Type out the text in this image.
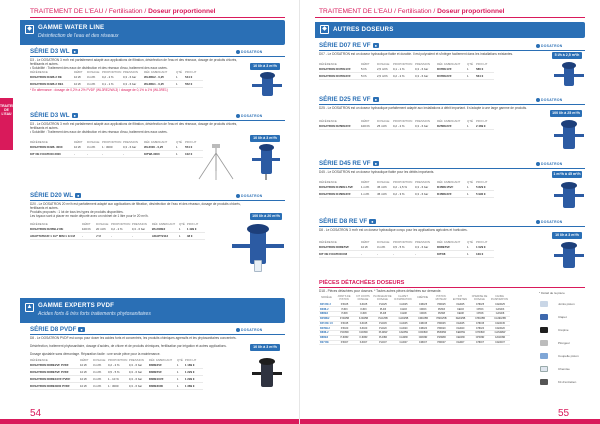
TRAITEMENT DE L'EAU / Fertilisation / Doseur proportionnel
TRAITEMENT DE L'EAU
◆ GAMME WATER LINE
Désinfection de l'eau et des réseaux
SÉRIE D3 WL ●	DOSATRON
D3 - Le DOSATRON 3 m³/h est parfaitement adapté aux applications de filtration, désinfection de l'eau et des réseaux, dosage de produits chlorés, fertilisants et autres.
• Solubilité : Traitement des eaux de distribution et des réseaux d'eau, traitement des eaux usées.	10 l/h à 3 m³/h
RÉFÉRENCE	DÉBIT	DOSAGE	PROPORTION	PRESSION	RÉF. FABRICANT	QTÉ	PRIX HT
DOSATRON D3WL2 RE	10 l/h	3 m³/h	0,2 - 2 %	0,3 - 6 bar	WL3RE2 - 0,25	1	544 €
DOSATRON D3WL2 RE1	10 l/h	3 m³/h	0,1 - 1 %	0,3 - 6 bar	WL3RE1 - 0,25	1	552 €
* En alternance : dosage de 0,2% à 2% PVDF (WL3RE2/WL3) / dosage de 0,1% à 1% (WL3RE1)
SÉRIE D3 WL ●	DOSATRON
D3 - Le DOSATRON 3 m³/h est parfaitement adapté aux applications de filtration, désinfection de l'eau et des réseaux, dosage de produits chlorés, fertilisants et autres.
• Solubilité : Traitement des eaux de distribution et des réseaux d'eau, traitement des eaux usées.
10 l/h à 3 m³/h
RÉFÉRENCE	DÉBIT	DOSAGE	PROPORTION	PRESSION	RÉF. FABRICANT	QTÉ	PRIX HT
DOSATRON D3WL 3000	10 l/h	3 m³/h	1 : 3000	0,3 - 6 bar	WL3000 - 0,25	1	554 €
KIT DE FIXATION 3000	-	-	-	-	KITWL3000	1	102 €
SÉRIE D20 WL ●	DOSATRON
D20 - Le DOSATRON 20 m³/h est parfaitement adapté aux applications de filtration, désinfection de l'eau et des réseaux, dosage de produits chlorés, fertilisants et autres.
Produits proposés : 1 lot de tous les types de produits disponibles.
Les tuyaux sont à placer en mode déporté avec un robinet de 1 litre pour le 20 m³/h.	100 l/h à 20 m³/h
RÉFÉRENCE	DÉBIT	DOSAGE	PROPORTION	PRESSION	RÉF. FABRICANT	QTÉ	PRIX HT
DOSATRON D20WL2 RE	100 l/h	20 m³/h	0,2 - 2 %	0,3 - 6 bar	WL20RE2	1	1 499 €
ADAPTATEUR 1 1/2" M/M 1 1/4 M	-	2"M	-	-	ADAPT2112	1	48 €
▲ GAMME EXPERTS PVDF
Acides forts & très forts traitements phytosanitaires
SÉRIE D8 PVDF ●	DOSATRON
D8 - Le DOSATRON PVDF est conçu pour doser les acides forts et concentrés, les produits chimiques agressifs et les phytosanitaires concentrés.
Désinfection, traitement phytosanitaire, dosage d'acides, de chlore et de produits chimiques, fertilisation par irrigation et autres applications.
Dosage ajustable sans démontage. Réparation facile : une seule pièce pour la maintenance.
10 l/h à 3 m³/h
RÉFÉRENCE	DÉBIT	DOSAGE	PROPORTION	PRESSION	RÉF. FABRICANT	QTÉ	PRIX HT
DOSATRON D8RE2VF PVDF	10 l/h	3 m³/h	0,2 - 2 %	0,3 - 6 bar	D8RE2VF	1	1 189 €
DOSATRON D8RE5VF PVDF	10 l/h	3 m³/h	0,5 - 5 %	0,3 - 6 bar	D8RE5VF	1	1 229 €
DOSATRON D8RE10VF PVDF	10 l/h	3 m³/h	1 - 10 %	0,3 - 6 bar	D8RE10VF	1	1 299 €
DOSATRON D8RE3000 PVDF	10 l/h	3 m³/h	1 : 3000	0,3 - 6 bar	D8RE3000	1	1 389 €
54
TRAITEMENT DE L'EAU / Fertilisation / Doseur proportionnel
◆ AUTRES DOSEURS
SÉRIE D07 RE VF ●	DOSATRON
D07 - Le DOSATRON est un doseur hydraulique fiable et durable. Il est polyvalent et s'intègre facilement dans les installations existantes.	5 l/h à 2,5 m³/h
RÉFÉRENCE	DÉBIT	DOSAGE	PROPORTION	PRESSION	RÉF. FABRICANT	QTÉ	PRIX HT
DOSATRON D07RE1VF	5 l/h	2,5 m³/h	0,1 - 1 %	0,3 - 6 bar	D07RE1VF	1	586 €
DOSATRON D07RE2VF	5 l/h	2,5 m³/h	0,2 - 2 %	0,3 - 6 bar	D07RE2VF	1	564 €
SÉRIE D25 RE VF ●	DOSATRON
D25 - Le DOSATRON est un doseur hydraulique parfaitement adapté aux installations à débit important. Il s'adapte à une large gamme de produits.
100 l/h à 25 m³/h
RÉFÉRENCE	DÉBIT	DOSAGE	PROPORTION	PRESSION	RÉF. FABRICANT	QTÉ	PRIX HT
DOSATRON D25RE2VF	100 l/h	25 m³/h	0,2 - 2 %	0,3 - 6 bar	D25RE2VF	1	2 489 €
SÉRIE D45 RE VF ●	DOSATRON
D45 - Le DOSATRON est un doseur hydraulique fiable pour les débits importants.	1 m³/h à 45 m³/h
RÉFÉRENCE	DÉBIT	DOSAGE	PROPORTION	PRESSION	RÉF. FABRICANT	QTÉ	PRIX HT
DOSATRON D45RE1.5VF	1 m³/h	45 m³/h	0,2 - 1,5 %	0,3 - 6 bar	D45RE15VF	1	5 829 €
DOSATRON D45RE3VF	1 m³/h	45 m³/h	0,2 - 3 %	0,3 - 6 bar	D45RE3VF	1	5 990 €
SÉRIE D8 RE VF ●	DOSATRON
D8 - Le DOSATRON 3 m³/h est un doseur hydraulique conçu pour les applications agricoles et horticoles.
10 l/h à 3 m³/h
RÉFÉRENCE	DÉBIT	DOSAGE	PROPORTION	PRESSION	RÉF. FABRICANT	QTÉ	PRIX HT
DOSATRON D8RE5VF	10 l/h	3 m³/h	0,5 - 5 %	0,3 - 6 bar	D8RE5VF	1	1 029 €
KIT DE FIXATION D8	-	-	-	-	KITD8	1	129 €
PIÈCES DÉTACHÉES DOSEURS
D18 - Pièces détachées pour doseurs. * Toutes autres pièces détachées sur demande.
MODÈLE	JOINTS DE PISTON	KIT JOINTS DOSAGE	PLONGEUR DE DOSAGE	CLAPET D'ASPIRATION	CRÉPINE	PISTON MOTEUR	KIT ENTRETIEN	CHEMISE DE DOSAGE	CANNE D'ASPIRATION
D25 RE 2	PJD25	KJD25	PLD25	CAD25	CRD25	PMD25	KED25	CHD25	CAND25
D3WL2	PJD3	KJD3	PLD3	CAD3	CRD3	PMD3	KED3	CHD3	CAND3
D8RE2	PJD8	KJD8	PLD8	CAD8	CRD8	PMD8	KED8	CHD8	CAND8
D25RE2	PJD25B	KJD25B	PLD25B	CAD25B	CRD25B	PMD25B	KED25B	CHD25B	CAND25B
D45 RE 1.5	PJD45	KJD45	PLD45	CAD45	CRD45	PMD45	KED45	CHD45	CAND45
D20WL2	PJD20	KJD20	PLD20	CAD20	CRD20	PMD20	KED20	CHD20	CAND20
D8WL2	PJD8W	KJD8W	PLD8W	CAD8W	CRD8W	PMD8W	KED8W	CHD8W	CAND8W
D8RE3	PJD8R	KJD8R	PLD8R	CAD8R	CRD8R	PMD8R	KED8R	CHD8R	CAND8R
D07 RE	PJD07	KJD07	PLD07	CAD07	CRD07	PMD07	KED07	CHD07	CAND07
* Détail de la pièce
Joints piston
Clapet
Crépine
Plongeur
Coupelle piston
Chemise
Kit d'entretien
55
